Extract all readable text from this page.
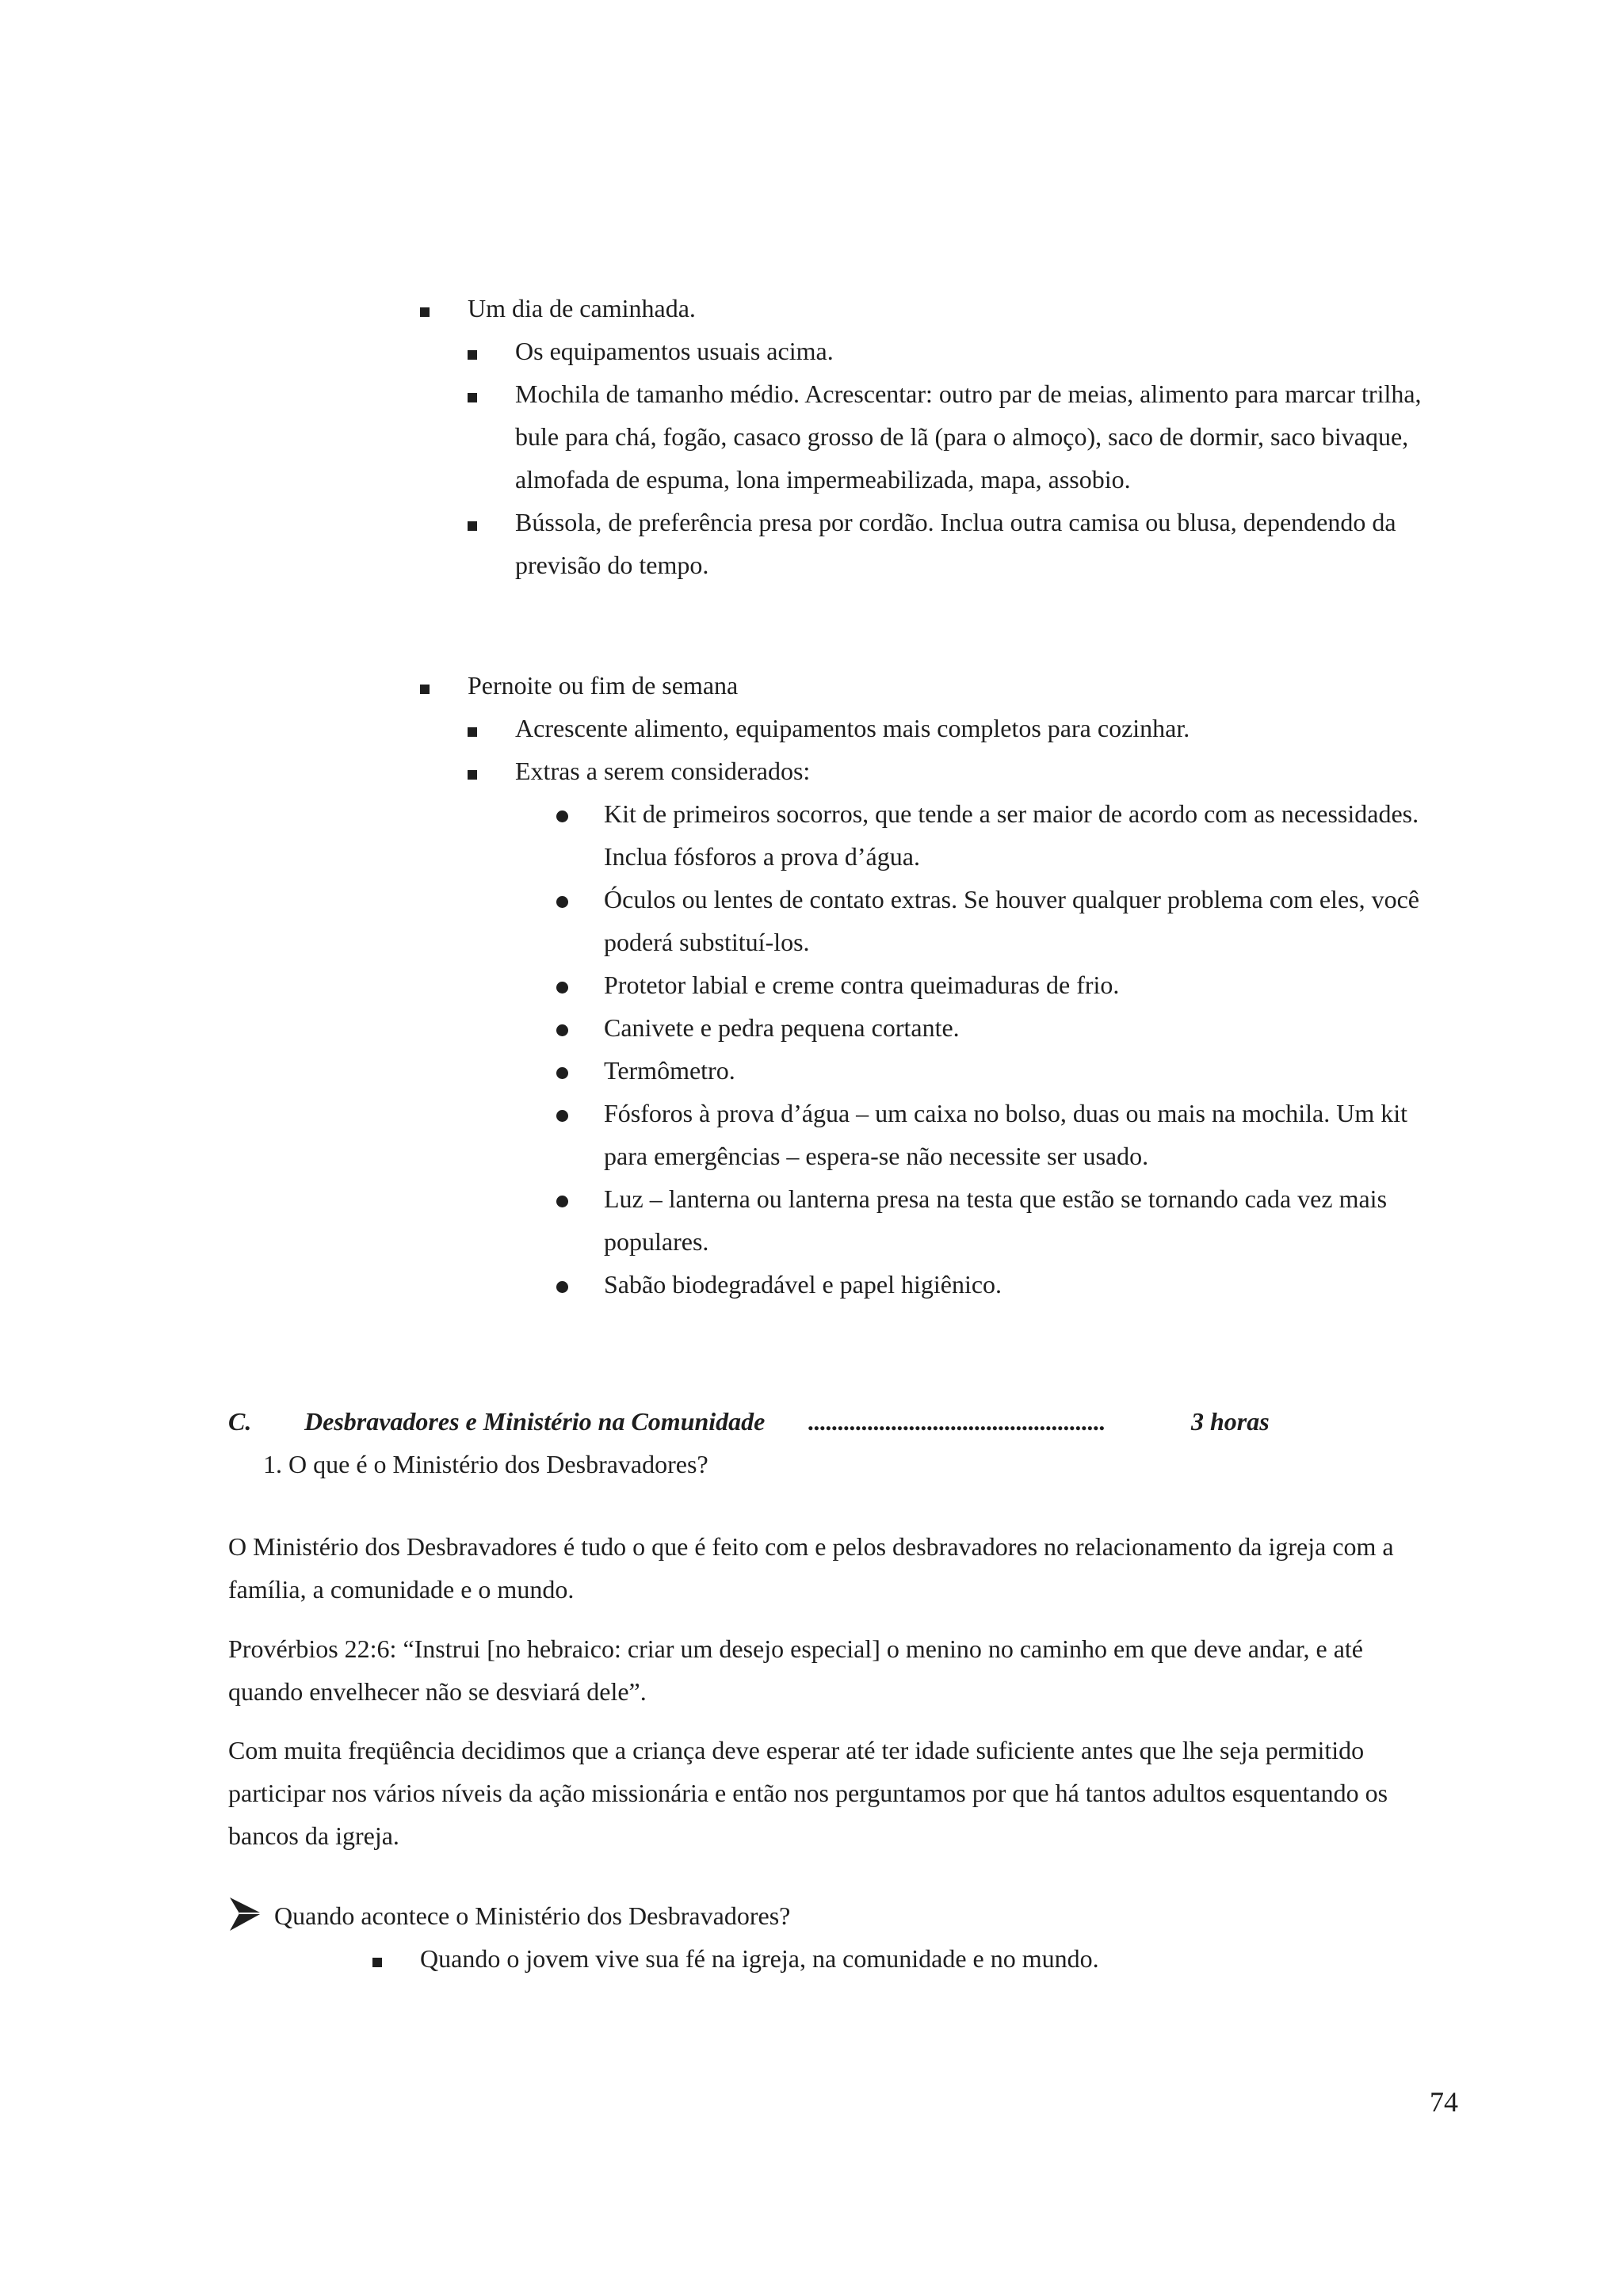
Um dia de caminhada.
Os equipamentos usuais acima.
Mochila de tamanho médio. Acrescentar: outro par de meias, alimento para marcar trilha, bule para chá, fogão, casaco grosso de lã (para o almoço), saco de dormir, saco bivaque, almofada de espuma, lona impermeabilizada, mapa, assobio.
Bússola, de preferência presa por cordão. Inclua outra camisa ou blusa, dependendo da previsão do tempo.
Pernoite ou fim de semana
Acrescente alimento, equipamentos mais completos para cozinhar.
Extras a serem considerados:
Kit de primeiros socorros, que tende a ser maior de acordo com as necessidades. Inclua fósforos a prova d’água.
Óculos ou lentes de contato extras. Se houver qualquer problema com eles, você poderá substituí-los.
Protetor labial e creme contra queimaduras de frio.
Canivete e pedra pequena cortante.
Termômetro.
Fósforos à prova d’água – um caixa no bolso, duas ou mais na mochila. Um kit para emergências – espera-se não necessite ser usado.
Luz – lanterna ou lanterna presa na testa que estão se tornando cada vez mais populares.
Sabão biodegradável e papel higiênico.
C. Desbravadores e Ministério na Comunidade ..................................................	3 horas
1. O que é o Ministério dos Desbravadores?
O Ministério dos Desbravadores é tudo o que é feito com e pelos desbravadores no relacionamento da igreja com a família, a comunidade e o mundo.
Provérbios 22:6: “Instrui [no hebraico: criar um desejo especial] o menino no caminho em que deve andar, e até quando envelhecer não se desviará dele”.
Com muita freqüência decidimos que a criança deve esperar até ter idade suficiente antes que lhe seja permitido participar nos vários níveis da ação missionária e então nos perguntamos por que há tantos adultos esquentando os bancos da igreja.
Quando acontece o Ministério dos Desbravadores?
Quando o jovem vive sua fé na igreja, na comunidade e no mundo.
74
